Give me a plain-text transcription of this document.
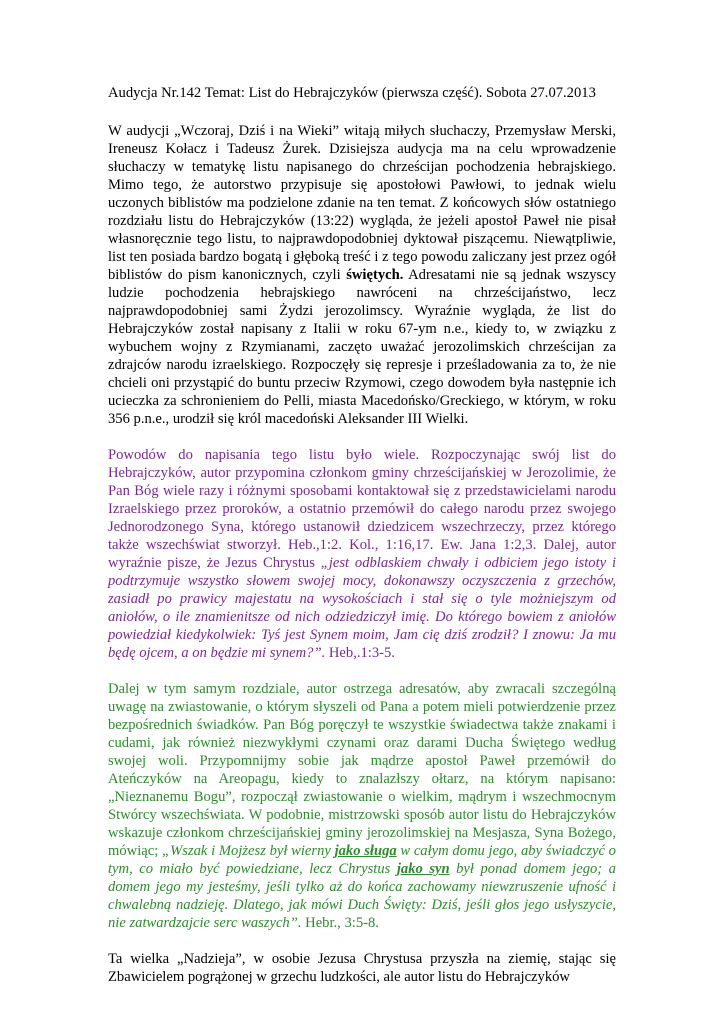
Audycja Nr.142 Temat: List do Hebrajczyków (pierwsza część). Sobota 27.07.2013

W audycji „Wczoraj, Dziś i na Wieki” witają miłych słuchaczy, Przemysław Merski, Ireneusz Kołacz i Tadeusz Żurek. Dzisiejsza audycja ma na celu wprowadzenie słuchaczy w tematykę listu napisanego do chrześcijan pochodzenia hebrajskiego. Mimo tego, że autorstwo przypisuje się apostołowi Pawłowi, to jednak wielu uczonych biblistów ma podzielone zdanie na ten temat. Z końcowych słów ostatniego rozdziału listu do Hebrajczyków (13:22) wygląda, że jeżeli apostoł Paweł nie pisał własnoręcznie tego listu, to najprawdopodobniej dyktował piszącemu. Niewątpliwie, list ten posiada bardzo bogatą i głęboką treść i z tego powodu zaliczany jest przez ogół biblistów do pism kanonicznych, czyli świętych. Adresatami nie są jednak wszyscy ludzie pochodzenia hebrajskiego nawróceni na chrześcijaństwo, lecz najprawdopodobniej sami Żydzi jerozolimscy. Wyraźnie wygląda, że list do Hebrajczyków został napisany z Italii w roku 67-ym n.e., kiedy to, w związku z wybuchem wojny z Rzymianami, zaczęto uważać jerozolimskich chrześcijan za zdrajców narodu izraelskiego. Rozpoczęły się represje i prześladowania za to, że nie chcieli oni przystąpić do buntu przeciw Rzymowi, czego dowodem była następnie ich ucieczka za schronieniem do Pelli, miasta Macedońsko/Greckiego, w którym, w roku 356 p.n.e., urodził się król macedoński Aleksander III Wielki.

Powodów do napisania tego listu było wiele. Rozpoczynając swój list do Hebrajczyków, autor przypomina członkom gminy chrześcijańskiej w Jerozolimie, że Pan Bóg wiele razy i różnymi sposobami kontaktował się z przedstawicielami narodu Izraelskiego przez proroków, a ostatnio przemówił do całego narodu przez swojego Jednorodzonego Syna, którego ustanowił dziedzicem wszechrzeczy, przez którego także wszechświat stworzył. Heb.,1:2. Kol., 1:16,17. Ew. Jana 1:2,3. Dalej, autor wyraźnie pisze, że Jezus Chrystus „jest odblaskiem chwały i odbiciem jego istoty i podtrzymuje wszystko słowem swojej mocy, dokonawszy oczyszczenia z grzechów, zasiadł po prawicy majestatu na wysokościach i stał się o tyle możniejszym od aniołów, o ile znamienitsze od nich odziedziczył imię. Do którego bowiem z aniołów powiedział kiedykolwiek: Tyś jest Synem moim, Jam cię dziś zrodził? I znowu: Ja mu będę ojcem, a on będzie mi synem?”. Heb,.1:3-5.

Dalej w tym samym rozdziale, autor ostrzega adresatów, aby zwracali szczególną uwagę na zwiastowanie, o którym słyszeli od Pana a potem mieli potwierdzenie przez bezpośrednich świadków. Pan Bóg poręczył te wszystkie świadectwa także znakami i cudami, jak również niezwykłymi czynami oraz darami Ducha Świętego według swojej woli. Przypomnijmy sobie jak mądrze apostoł Paweł przemówił do Ateńczyków na Areopagu, kiedy to znalazłszy ołtarz, na którym napisano: „Nieznanemu Bogu”, rozpoczął zwiastowanie o wielkim, mądrym i wszechmocnym Stwórcy wszechświata. W podobnie, mistrzowski sposób autor listu do Hebrajczyków wskazuje członkom chrześcijańskiej gminy jerozolimskiej na Mesjasza, Syna Bożego, mówiąc; „Wszak i Mojżesz był wierny jako sługa w całym domu jego, aby świadczyć o tym, co miało być powiedziane, lecz Chrystus jako syn był ponad domem jego; a domem jego my jesteśmy, jeśli tylko aż do końca zachowamy niewzruszenie ufność i chwalebną nadzieję. Dlatego, jak mówi Duch Święty: Dziś, jeśli głos jego usłyszycie, nie zatwardzajcie serc waszych”. Hebr., 3:5-8.

Ta wielka „Nadzieja”, w osobie Jezusa Chrystusa przyszła na ziemię, stając się Zbawicielem pogrążonej w grzechu ludzkości, ale autor listu do Hebrajczyków
